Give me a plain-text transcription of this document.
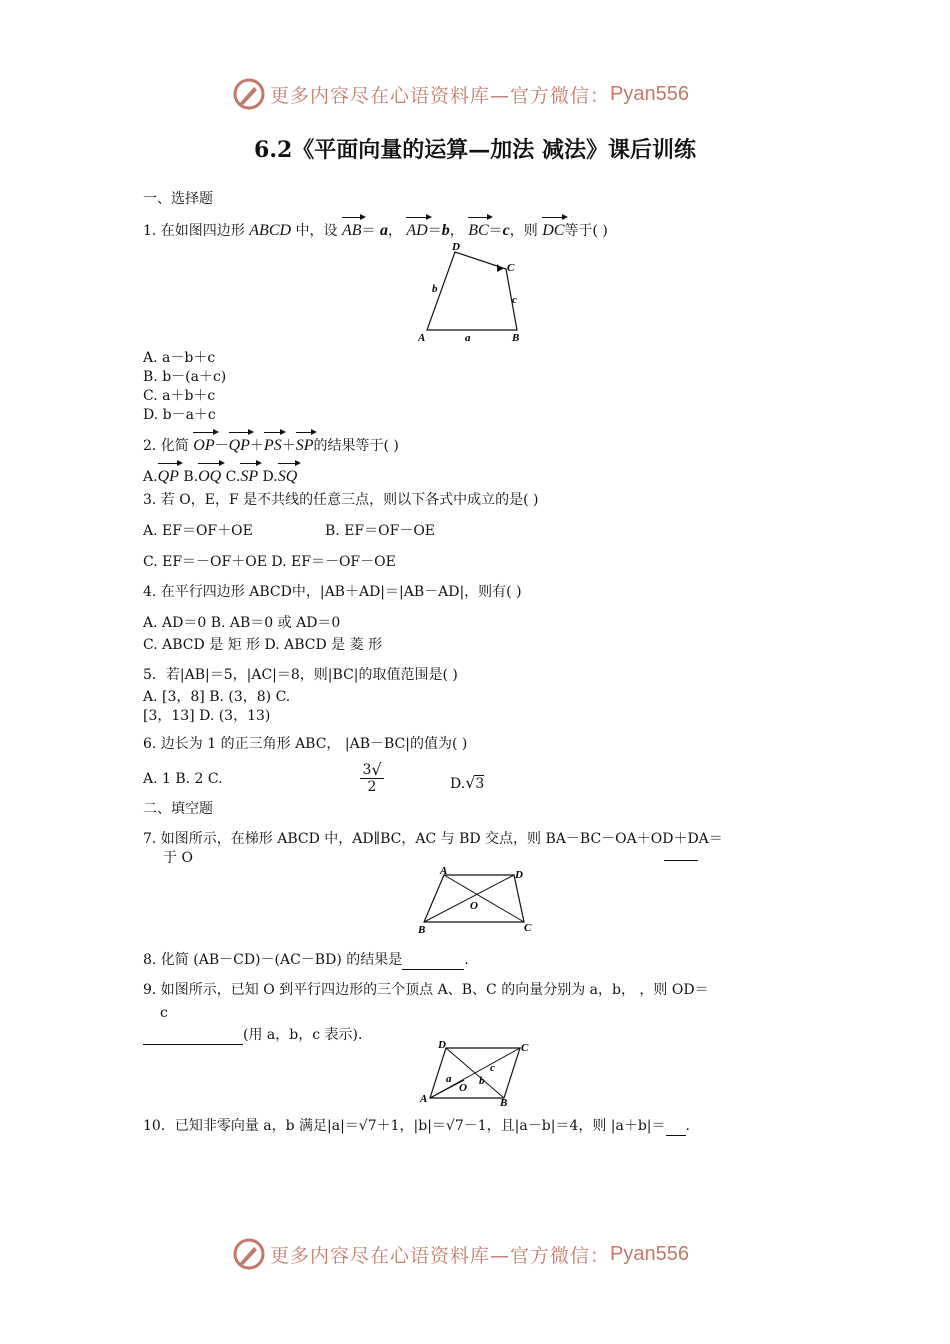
更多内容尽在心语资料库—官方微信： Pyan556
6.2《平面向量的运算—加法 减法》课后训练
一、选择题
1. 在如图四边形 ABCD 中，设 AB＝ a， AD＝b， BC＝c，则 DC等于( )
A	B
C
D
a
b
c
A. a－b＋c
B. b－(a＋c)
C. a＋b＋c
D. b－a＋c
2. 化简 OP－QP＋PS＋SP的结果等于( )
A.QP B.OQ C.SP D.SQ
3. 若 O，E，F 是不共线的任意三点，则以下各式中成立的是( )
A. EF＝OF＋OE	B. EF＝OF－OE
C. EF＝－OF＋OE D. EF＝－OF－OE
4. 在平行四边形 ABCD中，|AB＋AD|＝|AB－AD|，则有( )
A. AD＝0 B. AB＝0 或 AD＝0
C. ABCD 是 矩 形 D. ABCD 是 菱 形
5．若|AB|＝5，|AC|＝8，则|BC|的取值范围是( )
A. [3，8] B. (3，8) C.
[3，13] D. (3，13)
6. 边长为 1 的正三角形 ABC， |AB－BC|的值为( )
A. 1 B. 2 C.
3 √
2	D.√3
二、填空题
7. 如图所示，在梯形 ABCD 中，AD∥BC，AC 与 BD 交点，则 BA－BC－OA＋OD＋DA＝
于 O
A	D
B	C
O
8. 化简 (AB－CD)－(AC－BD) 的结果是	.
9. 如图所示，已知 O 到平行四边形的三个顶点 A、B、C 的向量分别为 a，b， ，则 OD＝
c
(用 a，b，c 表示)．
D	C
A	B
O
a	b
c
10．已知非零向量 a，b 满足|a|＝√7＋1，|b|＝√7－1，且|a－b|＝4，则 |a＋b|＝ .
更多内容尽在心语资料库—官方微信： Pyan556
